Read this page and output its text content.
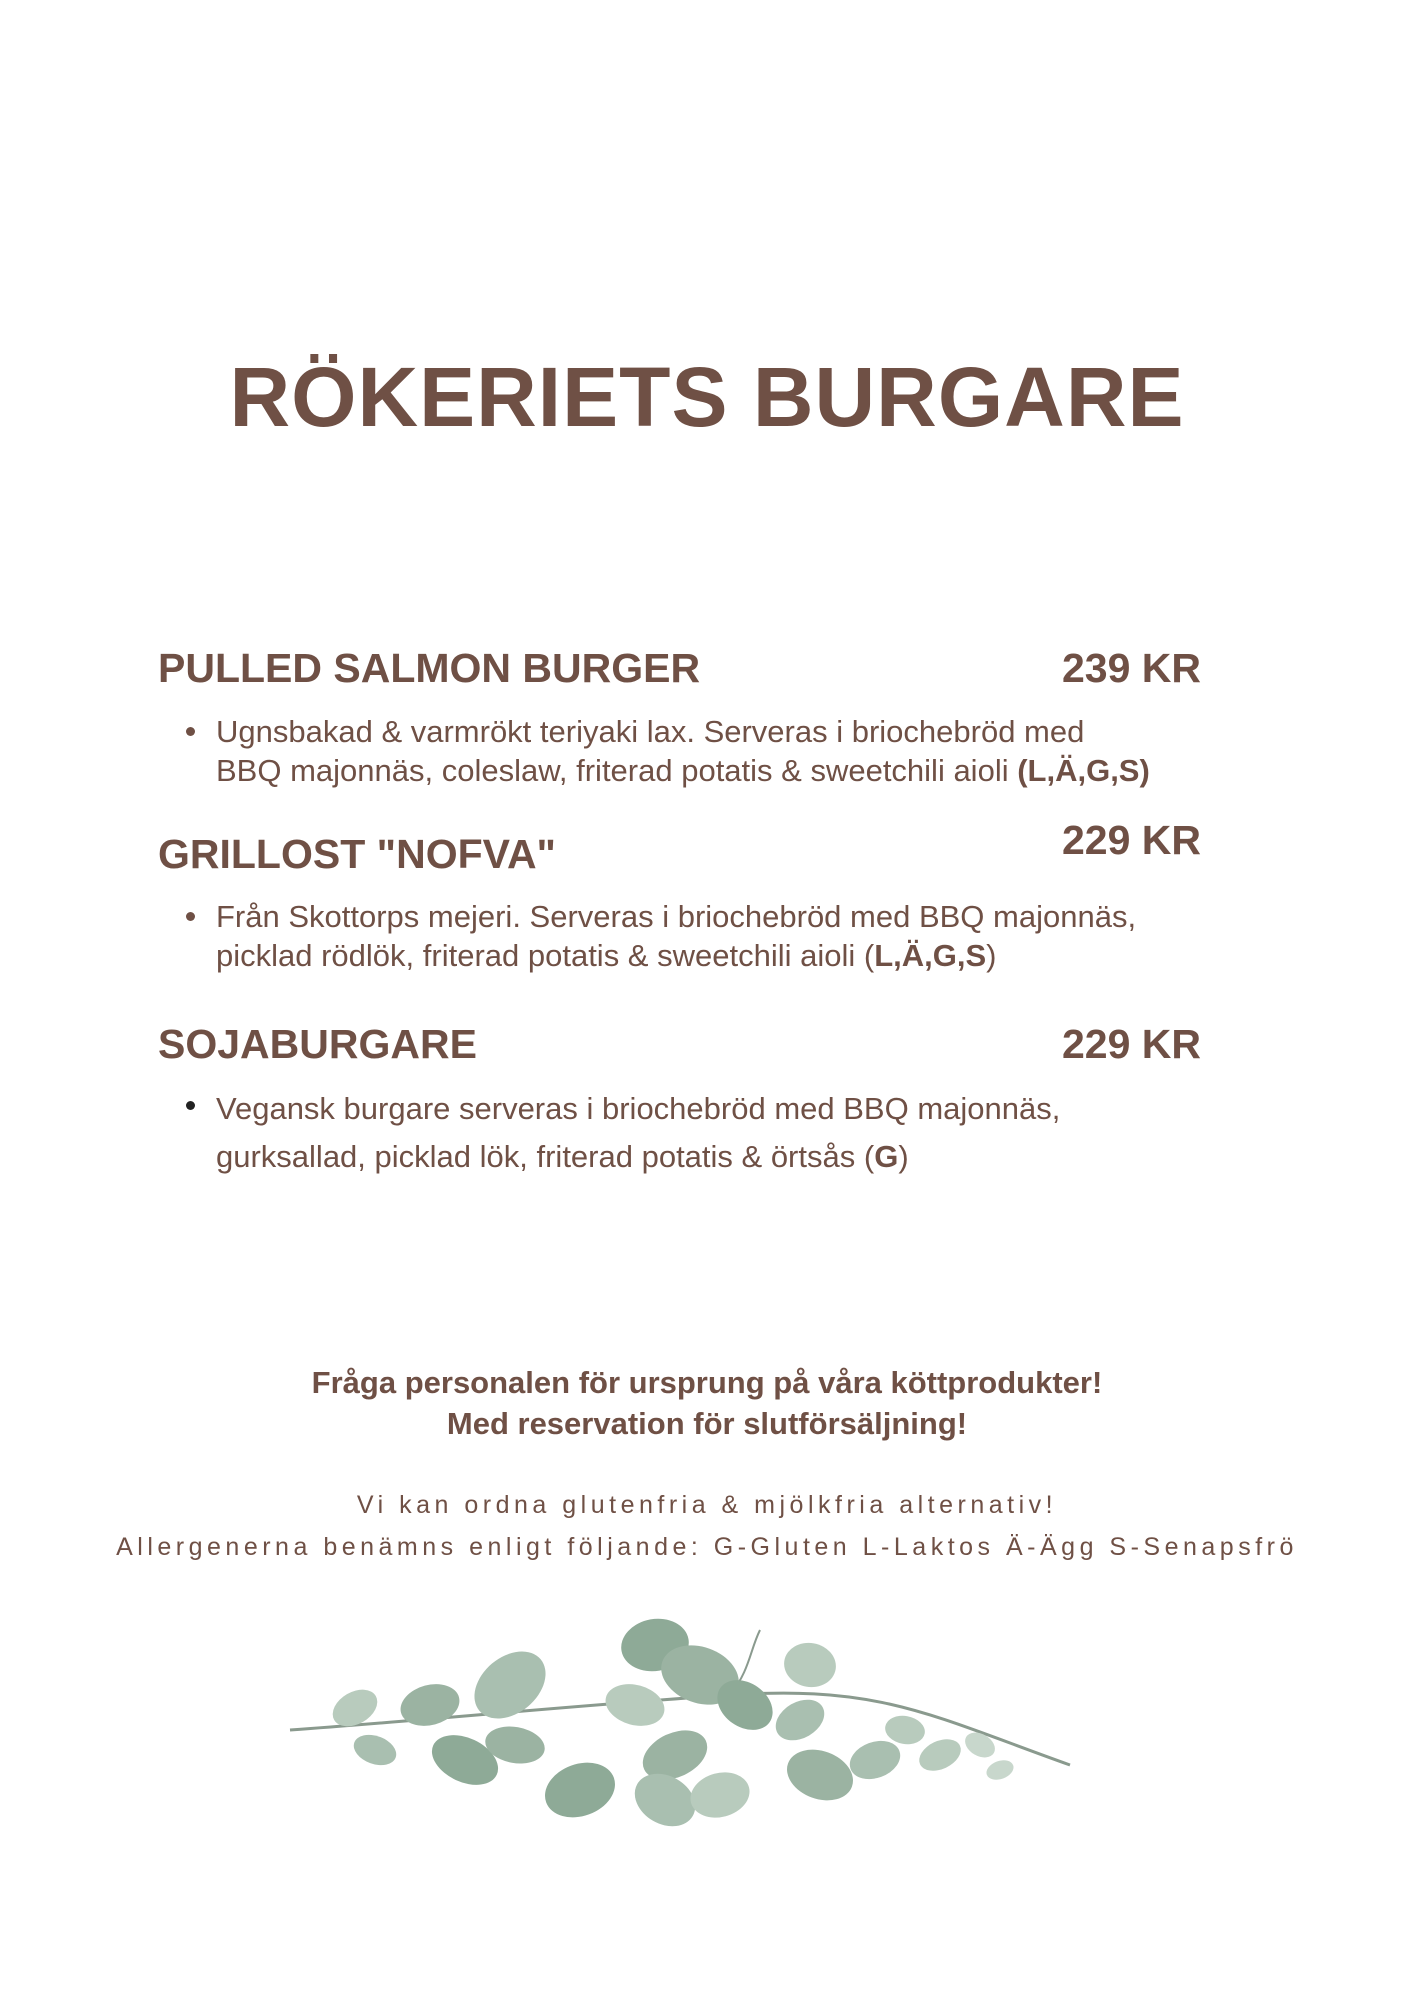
RÖKERIETS BURGARE
PULLED SALMON BURGER	239 KR
Ugnsbakad & varmrökt teriyaki lax. Serveras i briochebröd med
BBQ majonnäs, coleslaw, friterad potatis & sweetchili aioli (L,Ä,G,S)
GRILLOST "NOFVA"	229 KR
Från Skottorps mejeri. Serveras i briochebröd med BBQ majonnäs,
picklad rödlök, friterad potatis & sweetchili aioli (L,Ä,G,S)
SOJABURGARE	229 KR
Vegansk burgare serveras i briochebröd med BBQ majonnäs,
gurksallad, picklad lök, friterad potatis & örtsås (G)
Fråga personalen för ursprung på våra köttprodukter!
Med reservation för slutförsäljning!
Vi kan ordna glutenfria & mjölkfria alternativ!
Allergenerna benämns enligt följande: G-Gluten L-Laktos Ä-Ägg S-Senapsfrö
